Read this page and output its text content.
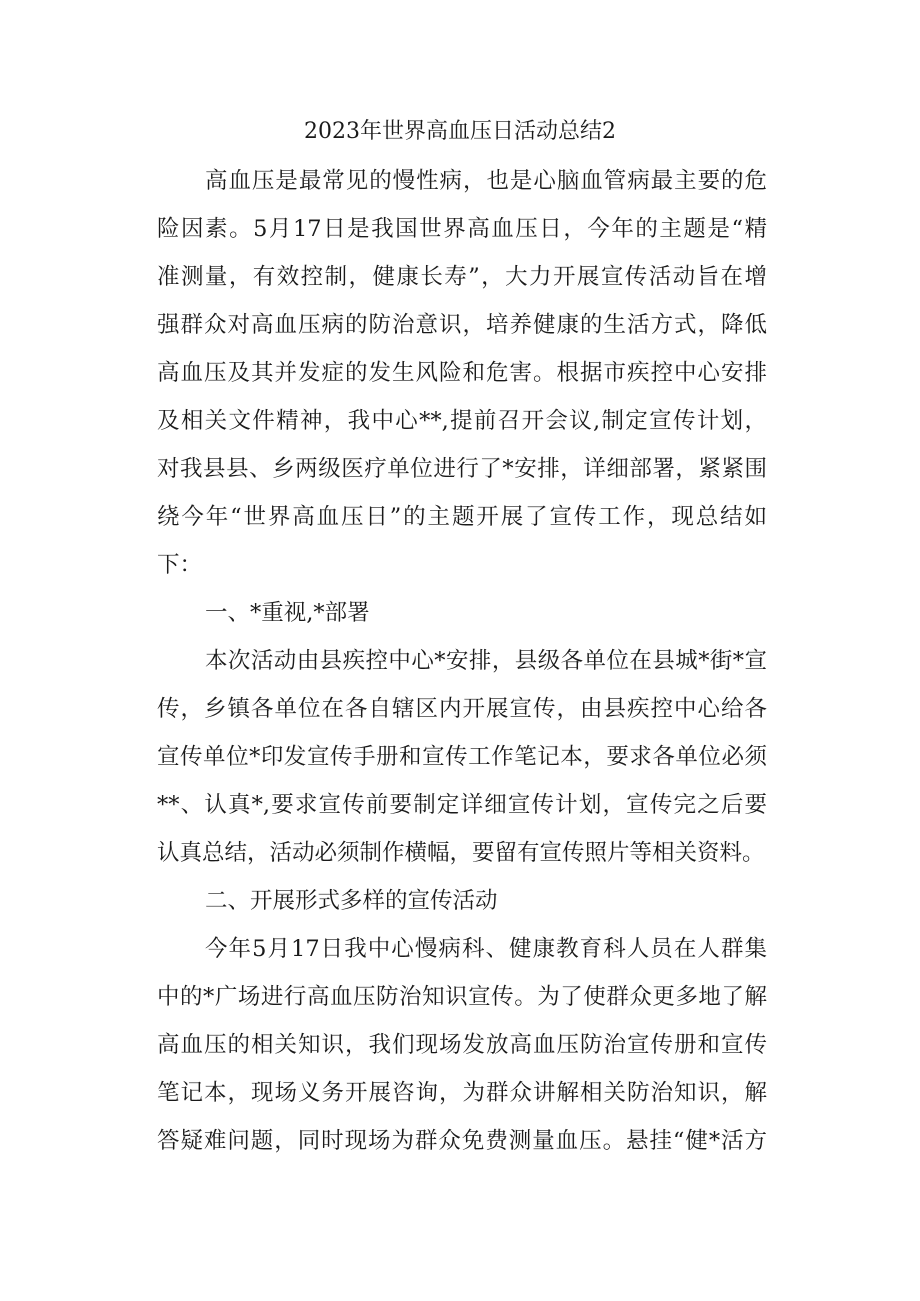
2023年世界高血压日活动总结2
高血压是最常见的慢性病，也是心脑血管病最主要的危
险因素。5月17日是我国世界高血压日，今年的主题是“精
准测量，有效控制，健康长寿”，大力开展宣传活动旨在增
强群众对高血压病的防治意识，培养健康的生活方式，降低
高血压及其并发症的发生风险和危害。根据市疾控中心安排
及相关文件精神，我中心**,提前召开会议,制定宣传计划，
对我县县、乡两级医疗单位进行了*安排，详细部署，紧紧围
绕今年“世界高血压日”的主题开展了宣传工作，现总结如
下：
一、*重视,*部署
本次活动由县疾控中心*安排，县级各单位在县城*街*宣
传，乡镇各单位在各自辖区内开展宣传，由县疾控中心给各
宣传单位*印发宣传手册和宣传工作笔记本，要求各单位必须
**、认真*,要求宣传前要制定详细宣传计划，宣传完之后要
认真总结，活动必须制作横幅，要留有宣传照片等相关资料。
二、开展形式多样的宣传活动
今年5月17日我中心慢病科、健康教育科人员在人群集
中的*广场进行高血压防治知识宣传。为了使群众更多地了解
高血压的相关知识，我们现场发放高血压防治宣传册和宣传
笔记本，现场义务开展咨询，为群众讲解相关防治知识，解
答疑难问题，同时现场为群众免费测量血压。悬挂“健*活方
